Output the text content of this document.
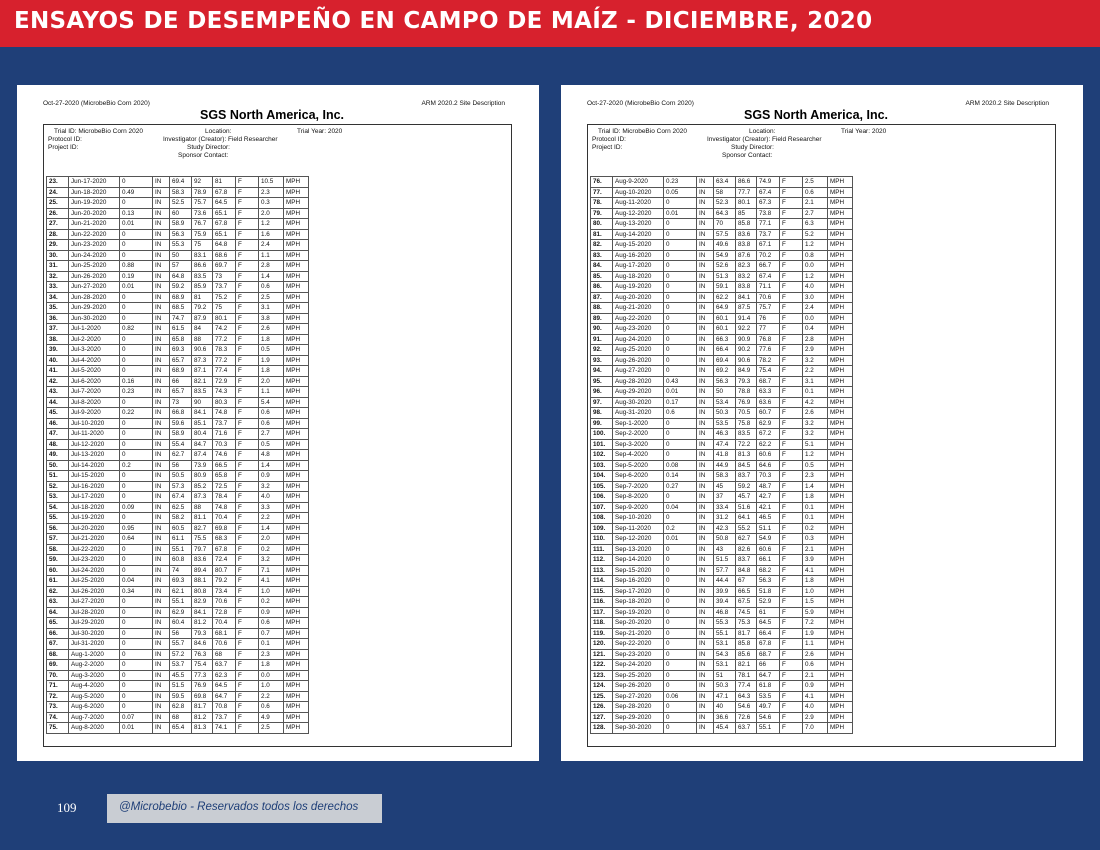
ENSAYOS DE DESEMPEÑO EN CAMPO DE MAÍZ - DICIEMBRE, 2020
Oct-27-2020 (MicrobeBio Corn 2020)	ARM 2020.2 Site Description
SGS North America, Inc.
Trial ID: MicrobeBio Corn 2020
Protocol ID:
Project ID:
Location:
Investigator (Creator): Field Researcher
Study Director:
Sponsor Contact:
Trial Year: 2020
23.	Jun-17-2020	0	IN	69.4	92	81	F	10.5	MPH
24.	Jun-18-2020	0.49	IN	58.3	78.9	67.8	F	2.3	MPH
25.	Jun-19-2020	0	IN	52.5	75.7	64.5	F	0.3	MPH
26.	Jun-20-2020	0.13	IN	60	73.6	65.1	F	2.0	MPH
27.	Jun-21-2020	0.01	IN	58.9	76.7	67.8	F	1.2	MPH
28.	Jun-22-2020	0	IN	56.3	75.9	65.1	F	1.6	MPH
29.	Jun-23-2020	0	IN	55.3	75	64.8	F	2.4	MPH
30.	Jun-24-2020	0	IN	50	83.1	68.6	F	1.1	MPH
31.	Jun-25-2020	0.88	IN	57	86.6	69.7	F	2.8	MPH
32.	Jun-26-2020	0.19	IN	64.8	83.5	73	F	1.4	MPH
33.	Jun-27-2020	0.01	IN	59.2	85.9	73.7	F	0.6	MPH
34.	Jun-28-2020	0	IN	68.9	81	75.2	F	2.5	MPH
35.	Jun-29-2020	0	IN	68.5	79.2	75	F	3.1	MPH
36.	Jun-30-2020	0	IN	74.7	87.9	80.1	F	3.8	MPH
37.	Jul-1-2020	0.82	IN	61.5	84	74.2	F	2.6	MPH
38.	Jul-2-2020	0	IN	65.8	88	77.2	F	1.8	MPH
39.	Jul-3-2020	0	IN	69.3	90.6	78.3	F	0.5	MPH
40.	Jul-4-2020	0	IN	65.7	87.3	77.2	F	1.9	MPH
41.	Jul-5-2020	0	IN	68.9	87.1	77.4	F	1.8	MPH
42.	Jul-6-2020	0.16	IN	66	82.1	72.9	F	2.0	MPH
43.	Jul-7-2020	0.23	IN	65.7	83.5	74.3	F	1.1	MPH
44.	Jul-8-2020	0	IN	73	90	80.3	F	5.4	MPH
45.	Jul-9-2020	0.22	IN	66.8	84.1	74.8	F	0.6	MPH
46.	Jul-10-2020	0	IN	59.6	85.1	73.7	F	0.6	MPH
47.	Jul-11-2020	0	IN	58.9	80.4	71.6	F	2.7	MPH
48.	Jul-12-2020	0	IN	55.4	84.7	70.3	F	0.5	MPH
49.	Jul-13-2020	0	IN	62.7	87.4	74.6	F	4.8	MPH
50.	Jul-14-2020	0.2	IN	56	73.9	66.5	F	1.4	MPH
51.	Jul-15-2020	0	IN	50.5	80.9	65.8	F	0.9	MPH
52.	Jul-16-2020	0	IN	57.3	85.2	72.5	F	3.2	MPH
53.	Jul-17-2020	0	IN	67.4	87.3	78.4	F	4.0	MPH
54.	Jul-18-2020	0.09	IN	62.5	88	74.8	F	3.3	MPH
55.	Jul-19-2020	0	IN	58.2	81.1	70.4	F	2.2	MPH
56.	Jul-20-2020	0.95	IN	60.5	82.7	69.8	F	1.4	MPH
57.	Jul-21-2020	0.64	IN	61.1	75.5	68.3	F	2.0	MPH
58.	Jul-22-2020	0	IN	55.1	79.7	67.8	F	0.2	MPH
59.	Jul-23-2020	0	IN	60.8	83.6	72.4	F	3.2	MPH
60.	Jul-24-2020	0	IN	74	89.4	80.7	F	7.1	MPH
61.	Jul-25-2020	0.04	IN	69.3	88.1	79.2	F	4.1	MPH
62.	Jul-26-2020	0.34	IN	62.1	80.8	73.4	F	1.0	MPH
63.	Jul-27-2020	0	IN	55.1	82.9	70.6	F	0.2	MPH
64.	Jul-28-2020	0	IN	62.9	84.1	72.8	F	0.9	MPH
65.	Jul-29-2020	0	IN	60.4	81.2	70.4	F	0.6	MPH
66.	Jul-30-2020	0	IN	56	79.3	68.1	F	0.7	MPH
67.	Jul-31-2020	0	IN	55.7	84.6	70.6	F	0.1	MPH
68.	Aug-1-2020	0	IN	57.2	76.3	68	F	2.3	MPH
69.	Aug-2-2020	0	IN	53.7	75.4	63.7	F	1.8	MPH
70.	Aug-3-2020	0	IN	45.5	77.3	62.3	F	0.0	MPH
71.	Aug-4-2020	0	IN	51.5	76.9	64.5	F	1.0	MPH
72.	Aug-5-2020	0	IN	59.5	69.8	64.7	F	2.2	MPH
73.	Aug-6-2020	0	IN	62.8	81.7	70.8	F	0.6	MPH
74.	Aug-7-2020	0.07	IN	68	81.2	73.7	F	4.9	MPH
75.	Aug-8-2020	0.01	IN	65.4	81.3	74.1	F	2.5	MPH
Oct-27-2020 (MicrobeBio Corn 2020)	ARM 2020.2 Site Description
SGS North America, Inc.
Trial ID: MicrobeBio Corn 2020
Protocol ID:
Project ID:
Location:
Investigator (Creator): Field Researcher
Study Director:
Sponsor Contact:
Trial Year: 2020
76.	Aug-9-2020	0.23	IN	63.4	86.6	74.9	F	2.5	MPH
77.	Aug-10-2020	0.05	IN	58	77.7	67.4	F	0.6	MPH
78.	Aug-11-2020	0	IN	52.3	80.1	67.3	F	2.1	MPH
79.	Aug-12-2020	0.01	IN	64.3	85	73.8	F	2.7	MPH
80.	Aug-13-2020	0	IN	70	85.8	77.1	F	6.3	MPH
81.	Aug-14-2020	0	IN	57.5	83.6	73.7	F	5.2	MPH
82.	Aug-15-2020	0	IN	49.6	83.8	67.1	F	1.2	MPH
83.	Aug-16-2020	0	IN	54.9	87.6	70.2	F	0.8	MPH
84.	Aug-17-2020	0	IN	52.6	82.3	66.7	F	0.0	MPH
85.	Aug-18-2020	0	IN	51.3	83.2	67.4	F	1.2	MPH
86.	Aug-19-2020	0	IN	59.1	83.8	71.1	F	4.0	MPH
87.	Aug-20-2020	0	IN	62.2	84.1	70.6	F	3.0	MPH
88.	Aug-21-2020	0	IN	64.9	87.5	75.7	F	2.4	MPH
89.	Aug-22-2020	0	IN	60.1	91.4	76	F	0.0	MPH
90.	Aug-23-2020	0	IN	60.1	92.2	77	F	0.4	MPH
91.	Aug-24-2020	0	IN	66.3	90.9	76.8	F	2.8	MPH
92.	Aug-25-2020	0	IN	66.4	90.2	77.6	F	2.9	MPH
93.	Aug-26-2020	0	IN	69.4	90.6	78.2	F	3.2	MPH
94.	Aug-27-2020	0	IN	69.2	84.9	75.4	F	2.2	MPH
95.	Aug-28-2020	0.43	IN	56.3	79.3	68.7	F	3.1	MPH
96.	Aug-29-2020	0.01	IN	50	78.8	63.3	F	0.1	MPH
97.	Aug-30-2020	0.17	IN	53.4	76.9	63.6	F	4.2	MPH
98.	Aug-31-2020	0.6	IN	50.3	70.5	60.7	F	2.6	MPH
99.	Sep-1-2020	0	IN	53.5	75.8	62.9	F	3.2	MPH
100.	Sep-2-2020	0	IN	46.3	83.5	67.2	F	3.2	MPH
101.	Sep-3-2020	0	IN	47.4	72.2	62.2	F	5.1	MPH
102.	Sep-4-2020	0	IN	41.8	81.3	60.6	F	1.2	MPH
103.	Sep-5-2020	0.08	IN	44.9	84.5	64.6	F	0.5	MPH
104.	Sep-6-2020	0.14	IN	58.3	83.7	70.3	F	2.3	MPH
105.	Sep-7-2020	0.27	IN	45	59.2	48.7	F	1.4	MPH
106.	Sep-8-2020	0	IN	37	45.7	42.7	F	1.8	MPH
107.	Sep-9-2020	0.04	IN	33.4	51.6	42.1	F	0.1	MPH
108.	Sep-10-2020	0	IN	31.2	64.1	46.5	F	0.1	MPH
109.	Sep-11-2020	0.2	IN	42.3	55.2	51.1	F	0.2	MPH
110.	Sep-12-2020	0.01	IN	50.8	62.7	54.9	F	0.3	MPH
111.	Sep-13-2020	0	IN	43	82.6	60.6	F	2.1	MPH
112.	Sep-14-2020	0	IN	51.5	83.7	66.1	F	3.9	MPH
113.	Sep-15-2020	0	IN	57.7	84.8	68.2	F	4.1	MPH
114.	Sep-16-2020	0	IN	44.4	67	56.3	F	1.8	MPH
115.	Sep-17-2020	0	IN	39.9	66.5	51.8	F	1.0	MPH
116.	Sep-18-2020	0	IN	39.4	67.5	52.9	F	1.5	MPH
117.	Sep-19-2020	0	IN	46.8	74.5	61	F	5.9	MPH
118.	Sep-20-2020	0	IN	55.3	75.3	64.5	F	7.2	MPH
119.	Sep-21-2020	0	IN	55.1	81.7	66.4	F	1.9	MPH
120.	Sep-22-2020	0	IN	53.1	85.8	67.8	F	1.1	MPH
121.	Sep-23-2020	0	IN	54.3	85.6	68.7	F	2.6	MPH
122.	Sep-24-2020	0	IN	53.1	82.1	66	F	0.6	MPH
123.	Sep-25-2020	0	IN	51	78.1	64.7	F	2.1	MPH
124.	Sep-26-2020	0	IN	50.3	77.4	61.8	F	0.9	MPH
125.	Sep-27-2020	0.06	IN	47.1	64.3	53.5	F	4.1	MPH
126.	Sep-28-2020	0	IN	40	54.6	49.7	F	4.0	MPH
127.	Sep-29-2020	0	IN	36.6	72.6	54.6	F	2.9	MPH
128.	Sep-30-2020	0	IN	45.4	63.7	55.1	F	7.0	MPH
109	@Microbebio - Reservados todos los derechos
